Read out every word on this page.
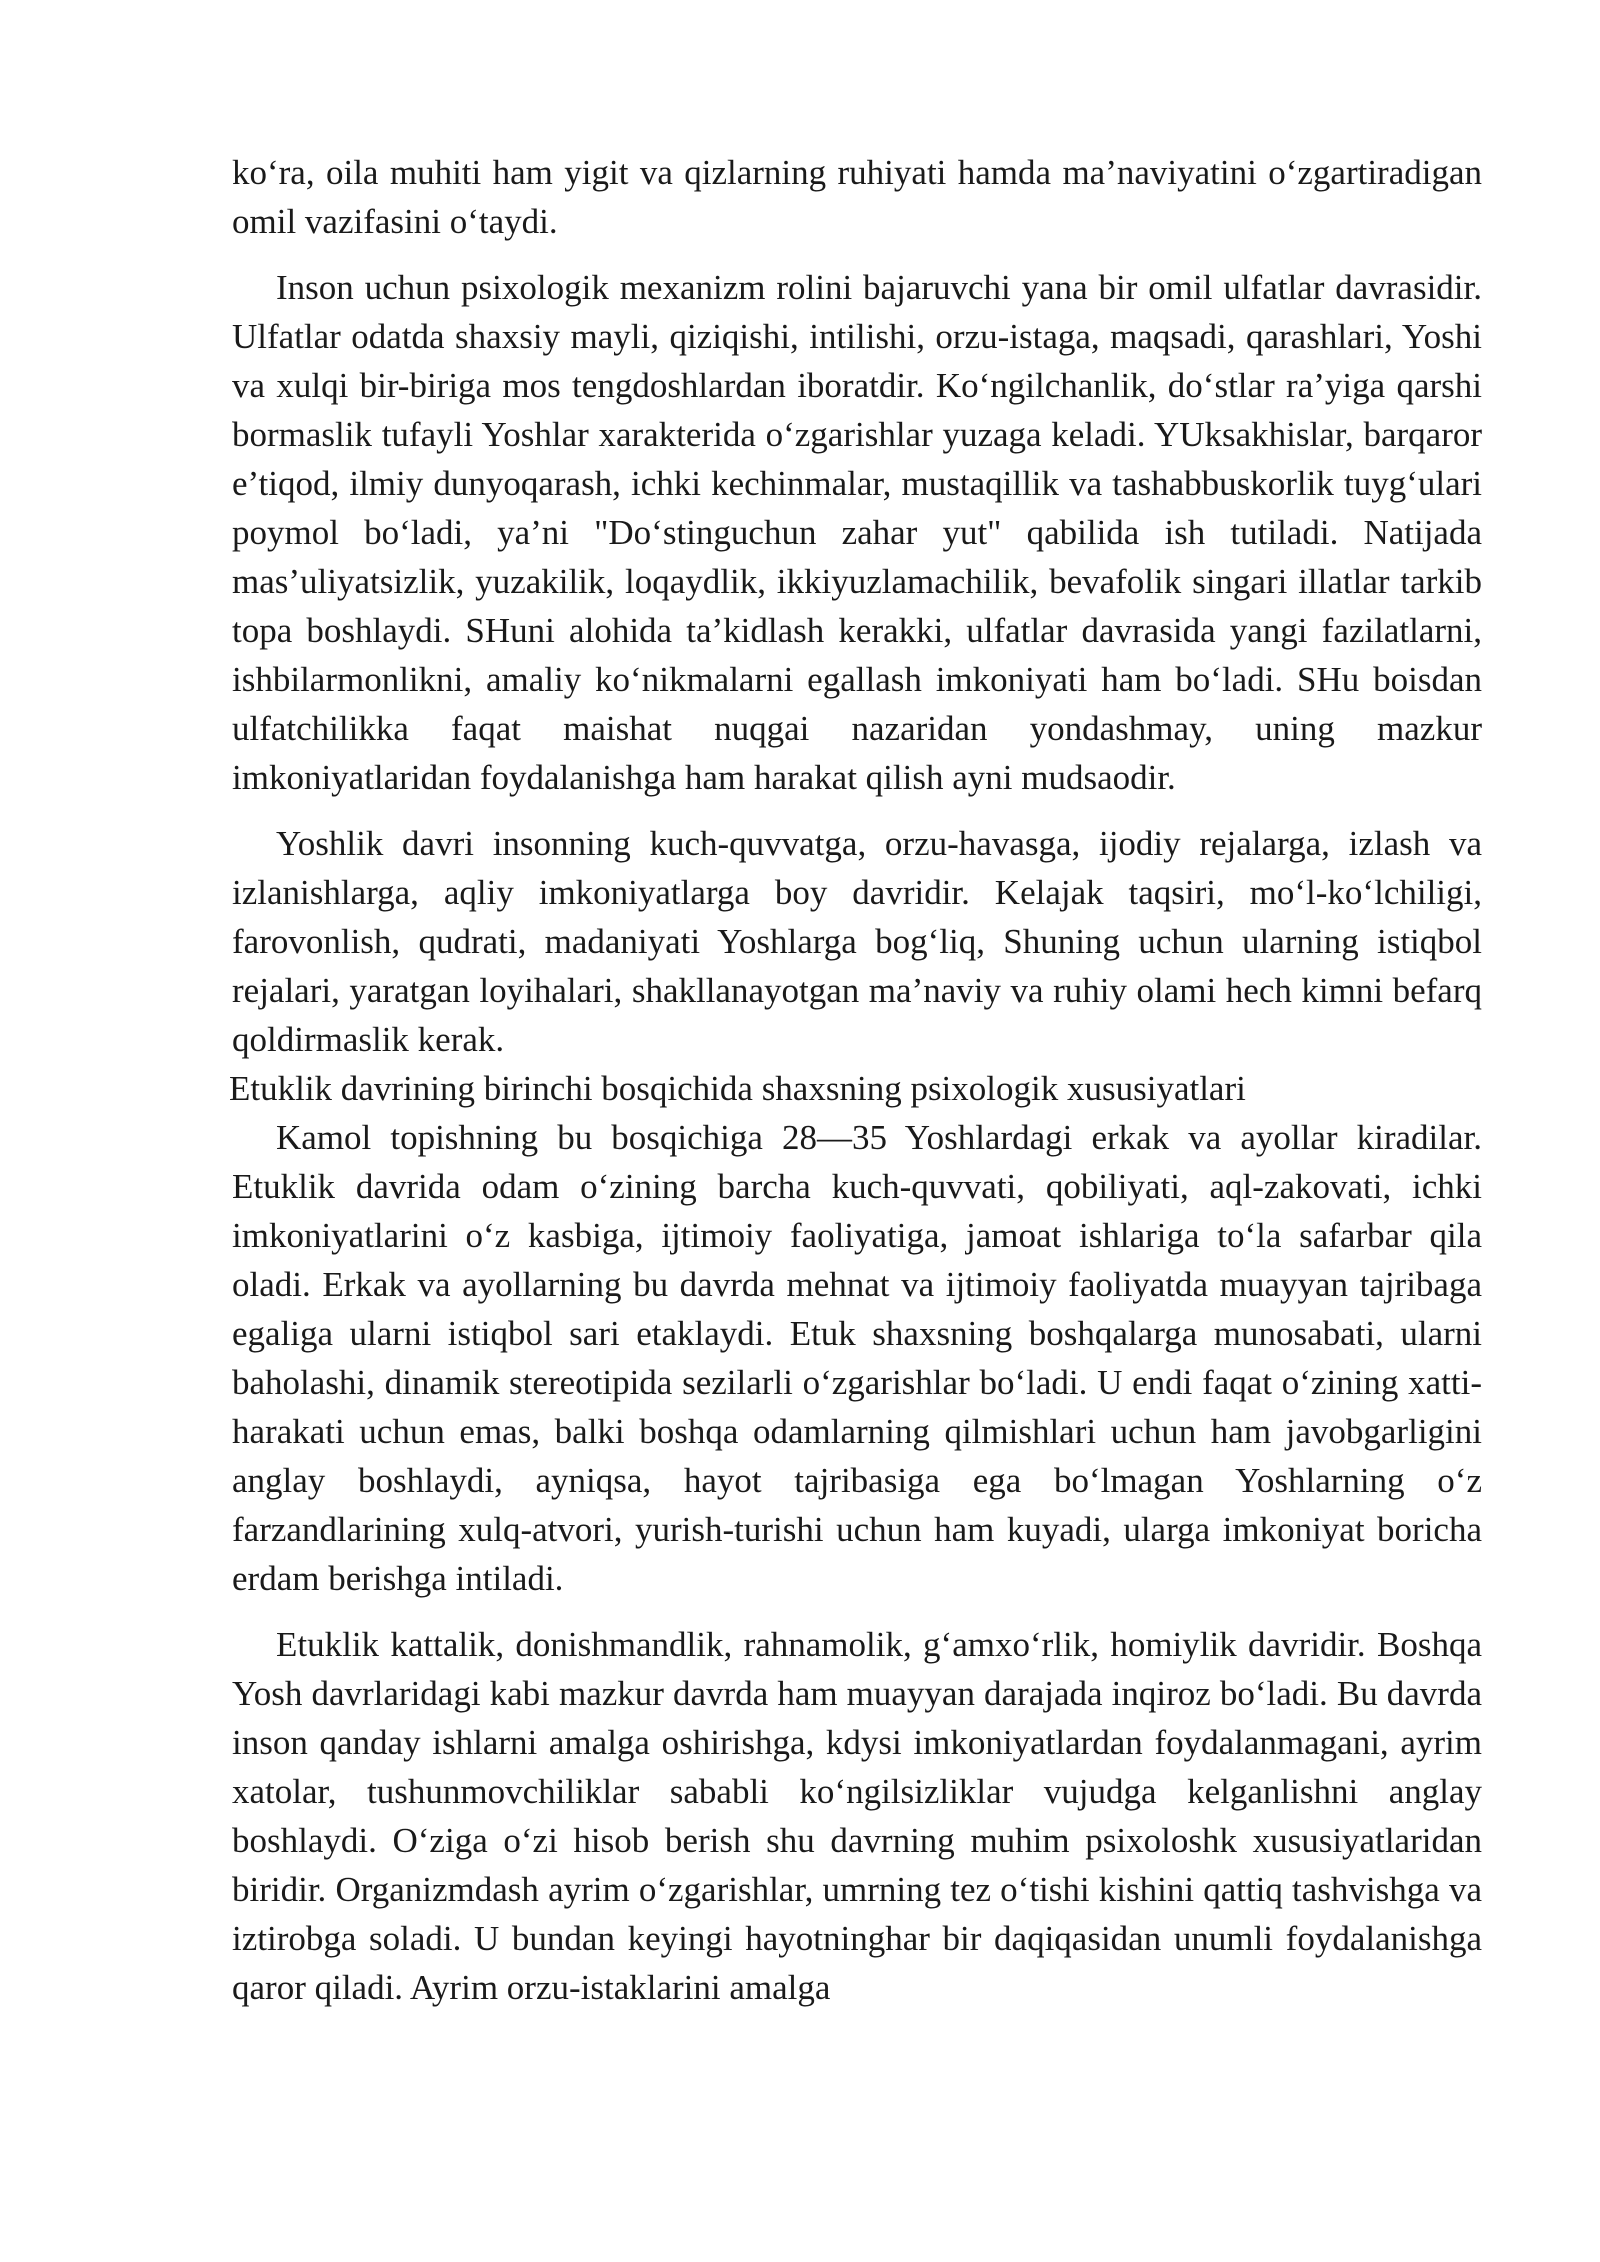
ko‘ra, oila muhiti ham yigit va qizlarning ruhiyati hamda ma’naviyatini o‘zgartiradigan omil vazifasini o‘taydi.

Inson uchun psixologik mexanizm rolini bajaruvchi yana bir omil ulfatlar davrasidir. Ulfatlar odatda shaxsiy mayli, qiziqishi, intilishi, orzu-istaga, maqsadi, qarashlari, Yoshi va xulqi bir-biriga mos tengdoshlardan iboratdir. Ko‘ngilchanlik, do‘stlar ra’yiga qarshi bormaslik tufayli Yoshlar xarakterida o‘zgarishlar yuzaga keladi. YUksakhislar, barqaror e’tiqod, ilmiy dunyoqarash, ichki kechinmalar, mustaqillik va tashabbuskorlik tuyg‘ulari poymol bo‘ladi, ya’ni "Do‘stinguchun zahar yut" qabilida ish tutiladi. Natijada mas’uliyatsizlik, yuzakilik, loqaydlik, ikkiyuzlamachilik, bevafolik singari illatlar tarkib topa boshlaydi. SHuni alohida ta’kidlash kerakki, ulfatlar davrasida yangi fazilatlarni, ishbilarmonlikni, amaliy ko‘nikmalarni egallash imkoniyati ham bo‘ladi. SHu boisdan ulfatchilikka faqat maishat nuqgai nazaridan yondashmay, uning mazkur imkoniyatlaridan foydalanishga ham harakat qilish ayni mudsaodir.

Yoshlik davri insonning kuch-quvvatga, orzu-havasga, ijodiy rejalarga, izlash va izlanishlarga, aqliy imkoniyatlarga boy davridir. Kelajak taqsiri, mo‘l-ko‘lchiligi, farovonlish, qudrati, madaniyati Yoshlarga bog‘liq, Shuning uchun ularning istiqbol rejalari, yaratgan loyihalari, shakllanayotgan ma’naviy va ruhiy olami hech kimni befarq qoldirmaslik kerak.

Etuklik davrining birinchi bosqichida shaxsning psixologik xususiyatlari

Kamol topishning bu bosqichiga 28—35 Yoshlardagi erkak va ayollar kiradilar. Etuklik davrida odam o‘zining barcha kuch-quvvati, qobiliyati, aql-zakovati, ichki imkoniyatlarini o‘z kasbiga, ijtimoiy faoliyatiga, jamoat ishlariga to‘la safarbar qila oladi. Erkak va ayollarning bu davrda mehnat va ijtimoiy faoliyatda muayyan tajribaga egaliga ularni istiqbol sari etaklaydi. Etuk shaxsning boshqalarga munosabati, ularni baholashi, dinamik stereotipida sezilarli o‘zgarishlar bo‘ladi. U endi faqat o‘zining xatti-harakati uchun emas, balki boshqa odamlarning qilmishlari uchun ham javobgarligini anglay boshlaydi, ayniqsa, hayot tajribasiga ega bo‘lmagan Yoshlarning o‘z farzandlarining xulq-atvori, yurish-turishi uchun ham kuyadi, ularga imkoniyat boricha erdam berishga intiladi.

Etuklik kattalik, donishmandlik, rahnamolik, g‘amxo‘rlik, homiylik davridir. Boshqa Yosh davrlaridagi kabi mazkur davrda ham muayyan darajada inqiroz bo‘ladi. Bu davrda inson qanday ishlarni amalga oshirishga, kdysi imkoniyatlardan foydalanmagani, ayrim xatolar, tushunmovchiliklar sababli ko‘ngilsizliklar vujudga kelganlishni anglay boshlaydi. O‘ziga o‘zi hisob berish shu davrning muhim psixoloshk xususiyatlaridan biridir. Organizmdash ayrim o‘zgarishlar, umrning tez o‘tishi kishini qattiq tashvishga va iztirobga soladi. U bundan keyingi hayotninghar bir daqiqasidan unumli foydalanishga qaror qiladi. Ayrim orzu-istaklarini amalga
